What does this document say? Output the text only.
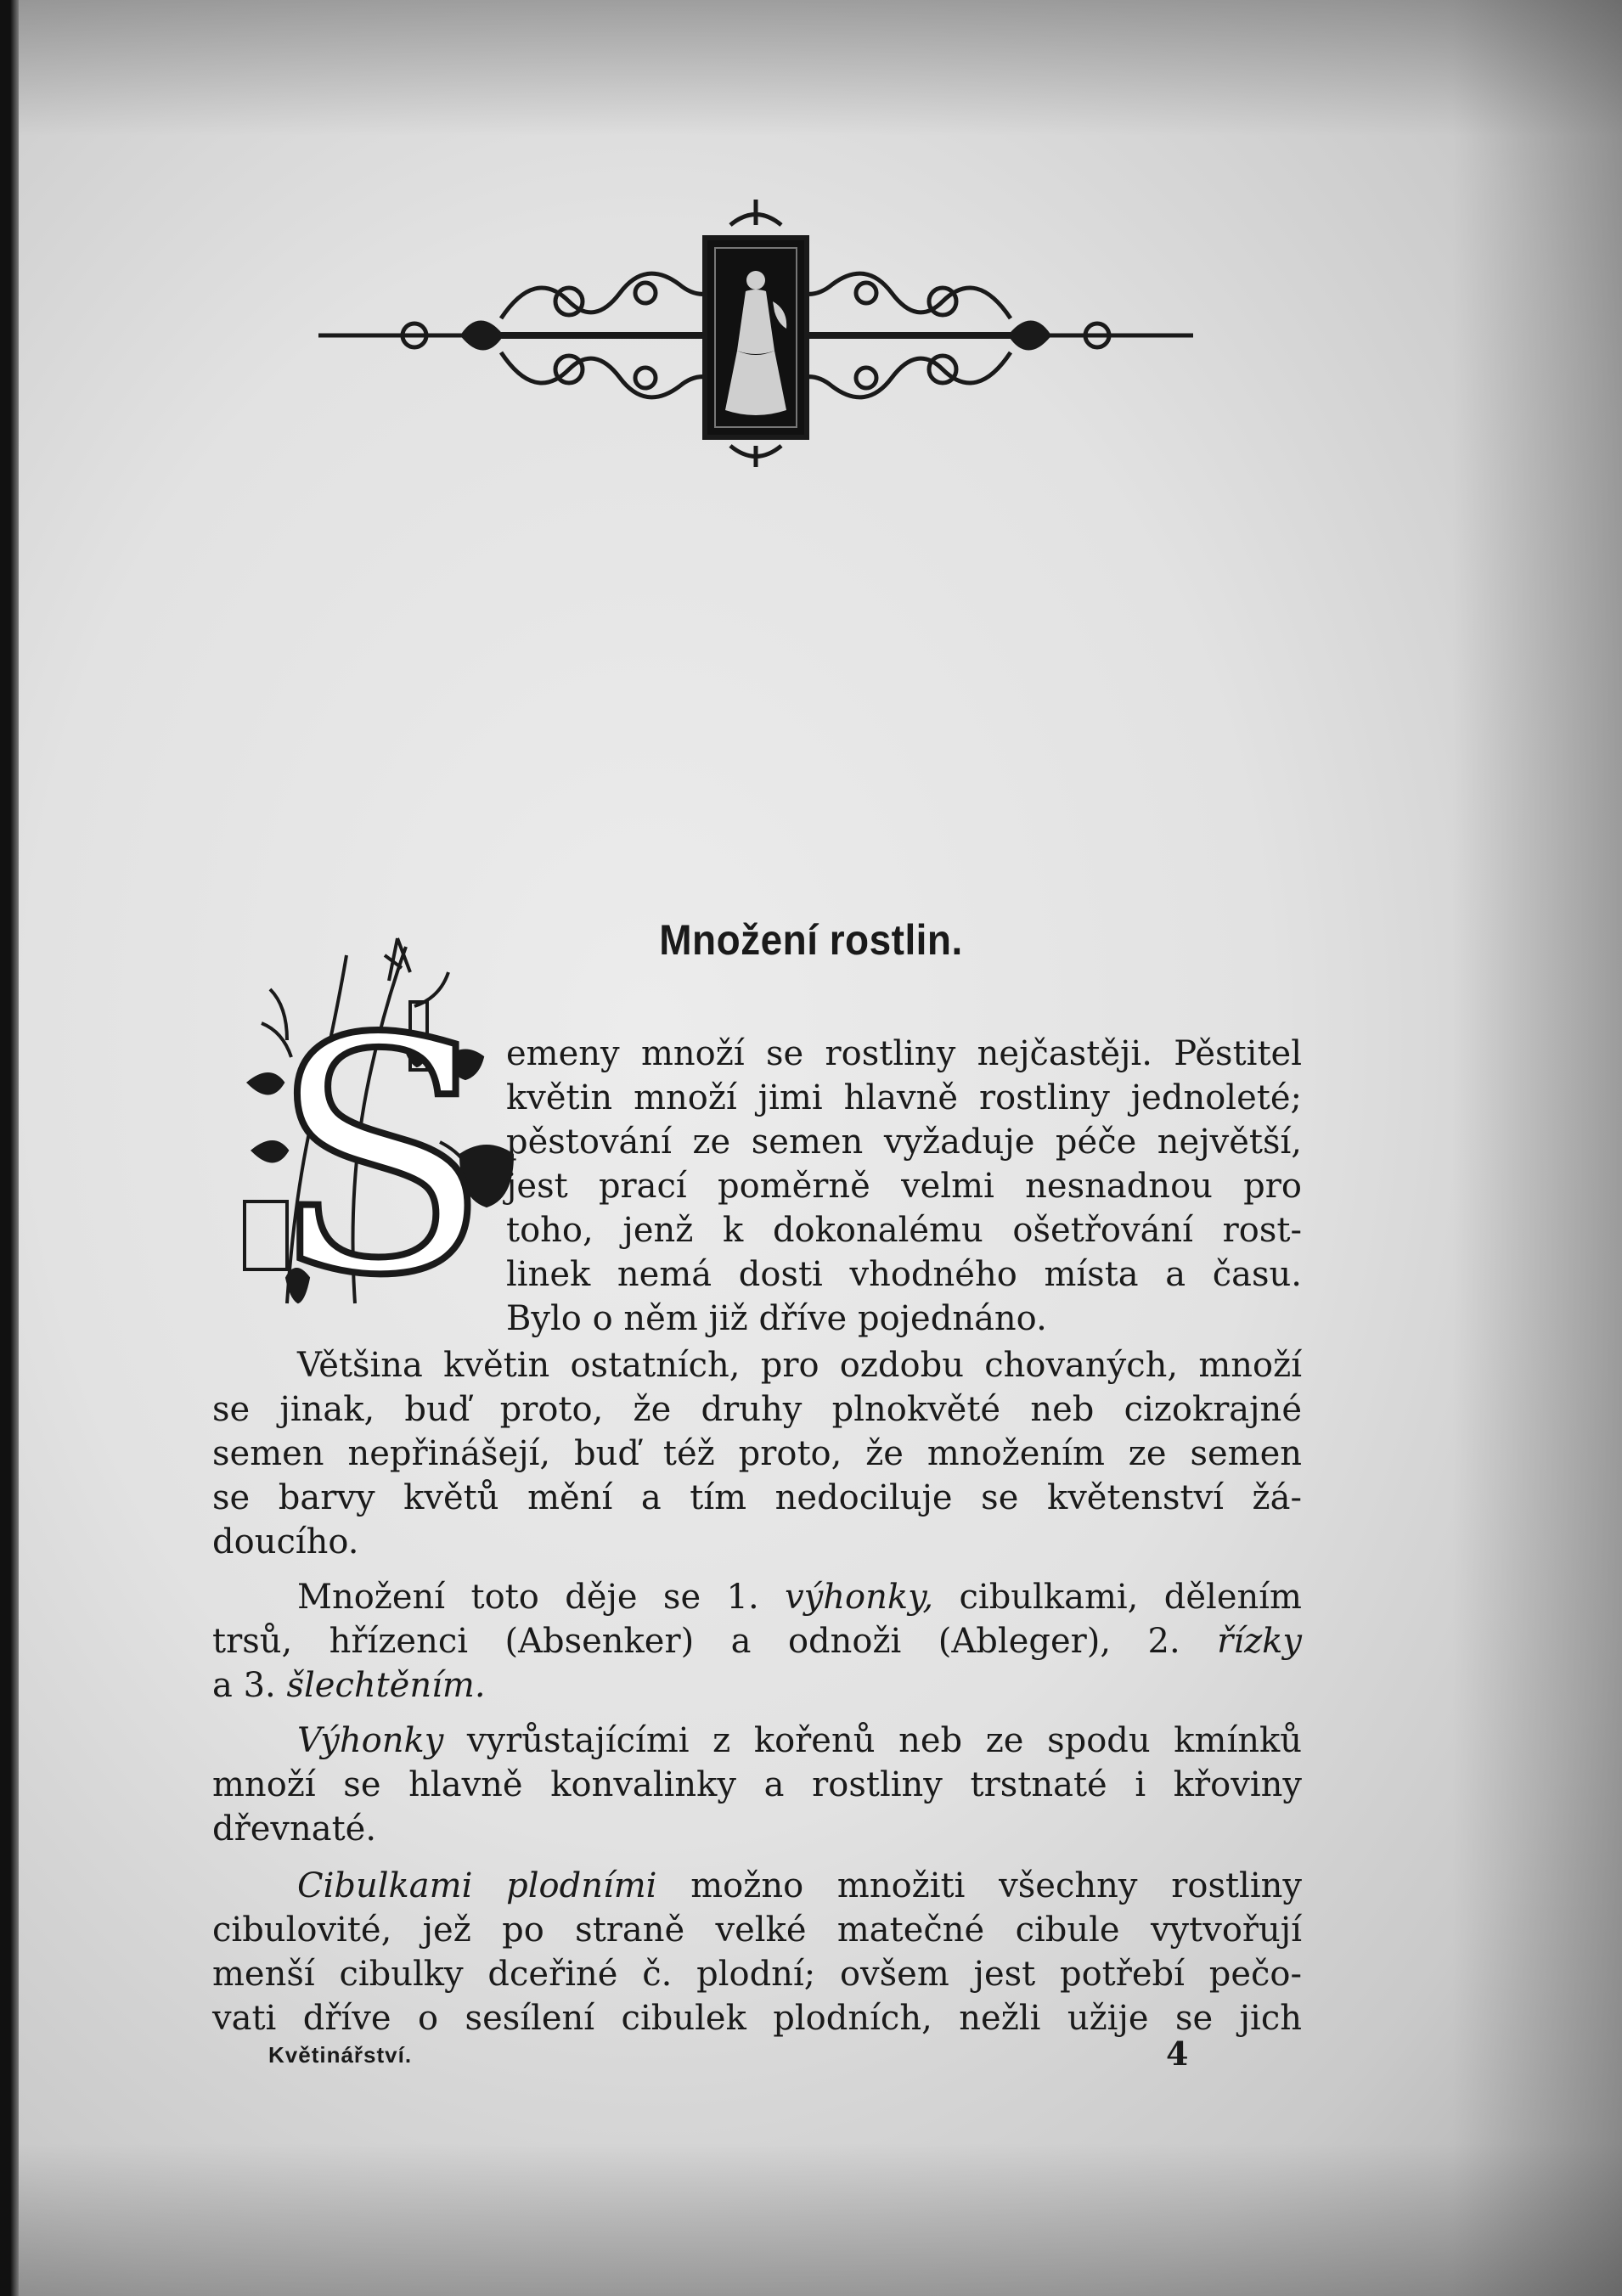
Množení rostlin.
S emeny množí se rostliny nejčastěji. Pěstitel
květin množí jimi hlavně rostliny jednoleté;
pěstování ze semen vyžaduje péče největší,
jest prací poměrně velmi nesnadnou pro
toho, jenž k dokonalému ošetřování rost-
linek nemá dosti vhodného místa a času.
Bylo o něm již dříve pojednáno.
Většina květin ostatních, pro ozdobu chovaných, množí
se jinak, buď proto, že druhy plnokvěté neb cizokrajné
semen nepřinášejí, buď též proto, že množením ze semen
se barvy květů mění a tím nedociluje se květenství žá-
doucího.
Množení toto děje se 1. výhonky, cibulkami, dělením
trsů, hřízenci (Absenker) a odnoži (Ableger), 2. řízky
a 3. šlechtěním.
Výhonky vyrůstajícími z kořenů neb ze spodu kmínků
množí se hlavně konvalinky a rostliny trstnaté i křoviny
dřevnaté.
Cibulkami plodními možno množiti všechny rostliny
cibulovité, jež po straně velké matečné cibule vytvořují
menší cibulky dceřiné č. plodní; ovšem jest potřebí pečo-
vati dříve o sesílení cibulek plodních, nežli užije se jich
Květinářství.	4
